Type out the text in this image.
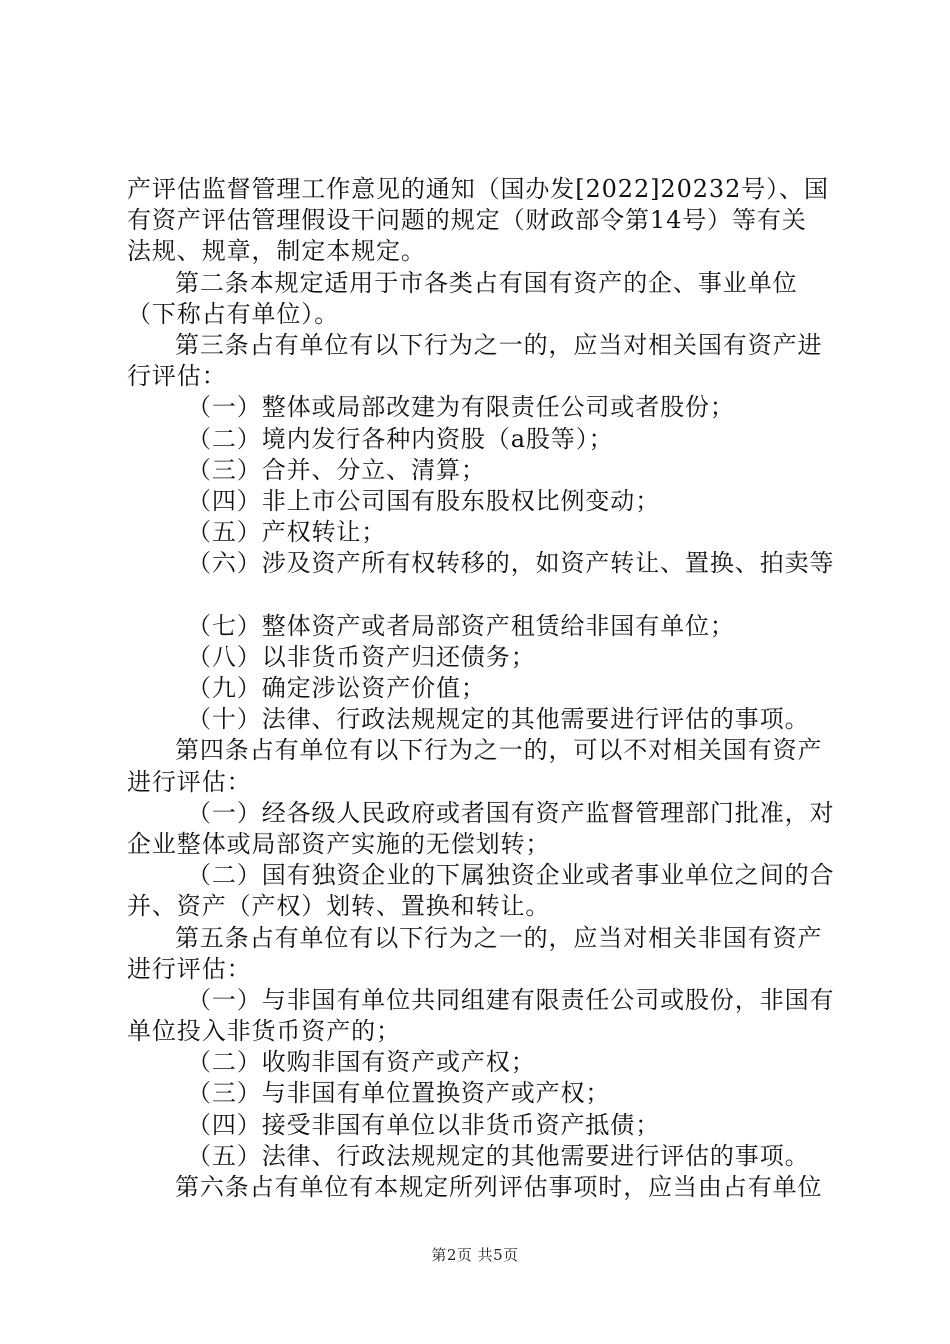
产评估监督管理工作意见的通知（国办发[2022]20232号）、国
有资产评估管理假设干问题的规定（财政部令第14号）等有关
法规、规章，制定本规定。
第二条本规定适用于市各类占有国有资产的企、事业单位
（下称占有单位）。
第三条占有单位有以下行为之一的，应当对相关国有资产进
行评估：
（一）整体或局部改建为有限责任公司或者股份；
（二）境内发行各种内资股（a股等）；
（三）合并、分立、清算；
（四）非上市公司国有股东股权比例变动；
（五）产权转让；
（六）涉及资产所有权转移的，如资产转让、置换、拍卖等
（七）整体资产或者局部资产租赁给非国有单位；
（八）以非货币资产归还债务；
（九）确定涉讼资产价值；
（十）法律、行政法规规定的其他需要进行评估的事项。
第四条占有单位有以下行为之一的，可以不对相关国有资产
进行评估：
（一）经各级人民政府或者国有资产监督管理部门批准，对
企业整体或局部资产实施的无偿划转；
（二）国有独资企业的下属独资企业或者事业单位之间的合
并、资产（产权）划转、置换和转让。
第五条占有单位有以下行为之一的，应当对相关非国有资产
进行评估：
（一）与非国有单位共同组建有限责任公司或股份，非国有
单位投入非货币资产的；
（二）收购非国有资产或产权；
（三）与非国有单位置换资产或产权；
（四）接受非国有单位以非货币资产抵债；
（五）法律、行政法规规定的其他需要进行评估的事项。
第六条占有单位有本规定所列评估事项时，应当由占有单位
第2页 共5页
